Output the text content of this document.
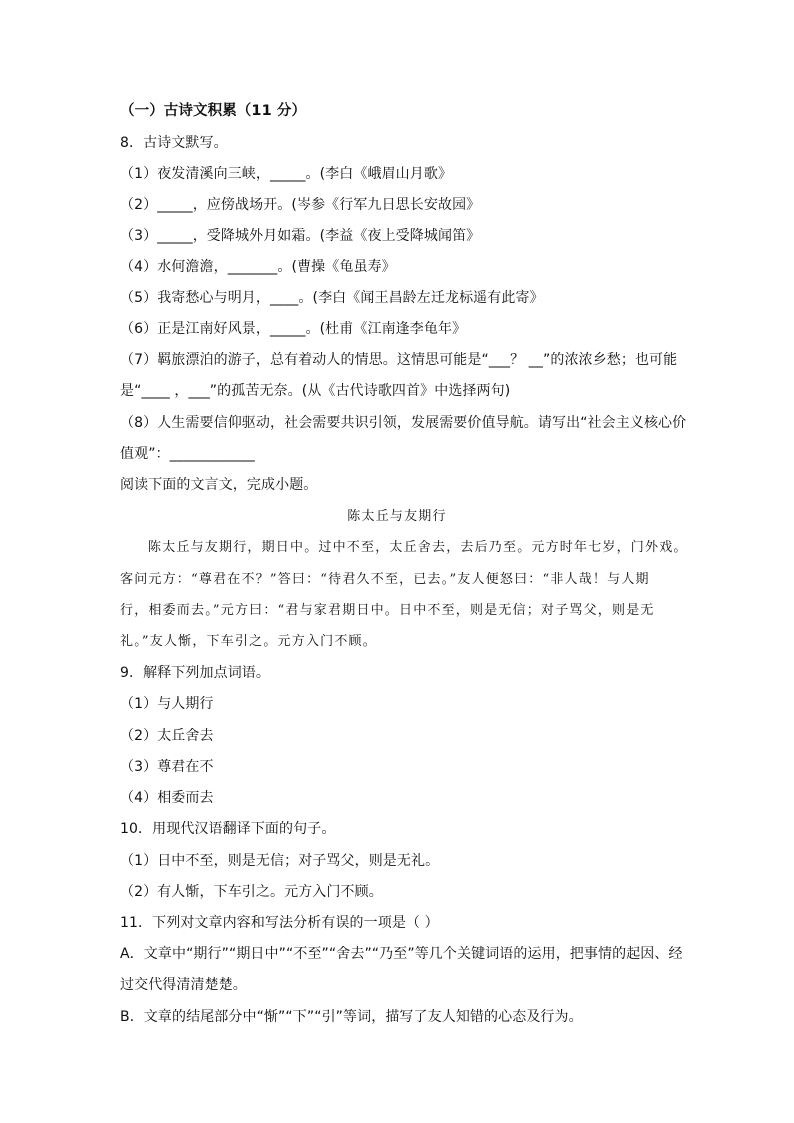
（一）古诗文积累（11 分）
8．古诗文默写。
（1）夜发清溪向三峡，_____。(李白《峨眉山月歌》
（2）_____，应傍战场开。(岑参《行军九日思长安故园》
（3）_____，受降城外月如霜。(李益《夜上受降城闻笛》
（4）水何澹澹，_______。(曹操《龟虽寿》
（5）我寄愁心与明月，____。(李白《闻王昌龄左迁龙标遥有此寄》
（6）正是江南好风景，_____。(杜甫《江南逢李龟年》
（7）羁旅漂泊的游子，总有着动人的情思。这情思可能是“___？ __”的浓浓乡愁；也可能
是“____ ，___”的孤苦无奈。(从《古代诗歌四首》中选择两句)
（8）人生需要信仰驱动，社会需要共识引领，发展需要价值导航。请写出“社会主义核心价
值观”：____________
阅读下面的文言文，完成小题。
陈太丘与友期行
陈太丘与友期行，期日中。过中不至，太丘舍去，去后乃至。元方时年七岁，门外戏。
客问元方：“尊君在不？”答曰：“待君久不至，已去。”友人便怒曰：“非人哉！与人期
行，相委而去。”元方曰：“君与家君期日中。日中不至，则是无信；对子骂父，则是无
礼。”友人惭，下车引之。元方入门不顾。
9．解释下列加点词语。
（1）与人期行
（2）太丘舍去
（3）尊君在不
（4）相委而去
10．用现代汉语翻译下面的句子。
（1）日中不至，则是无信；对子骂父，则是无礼。
（2）有人惭，下车引之。元方入门不顾。
11．下列对文章内容和写法分析有误的一项是（ ）
A．文章中“期行”“期日中”“不至”“舍去”“乃至”等几个关键词语的运用，把事情的起因、经
过交代得清清楚楚。
B．文章的结尾部分中“惭”“下”“引”等词，描写了友人知错的心态及行为。
